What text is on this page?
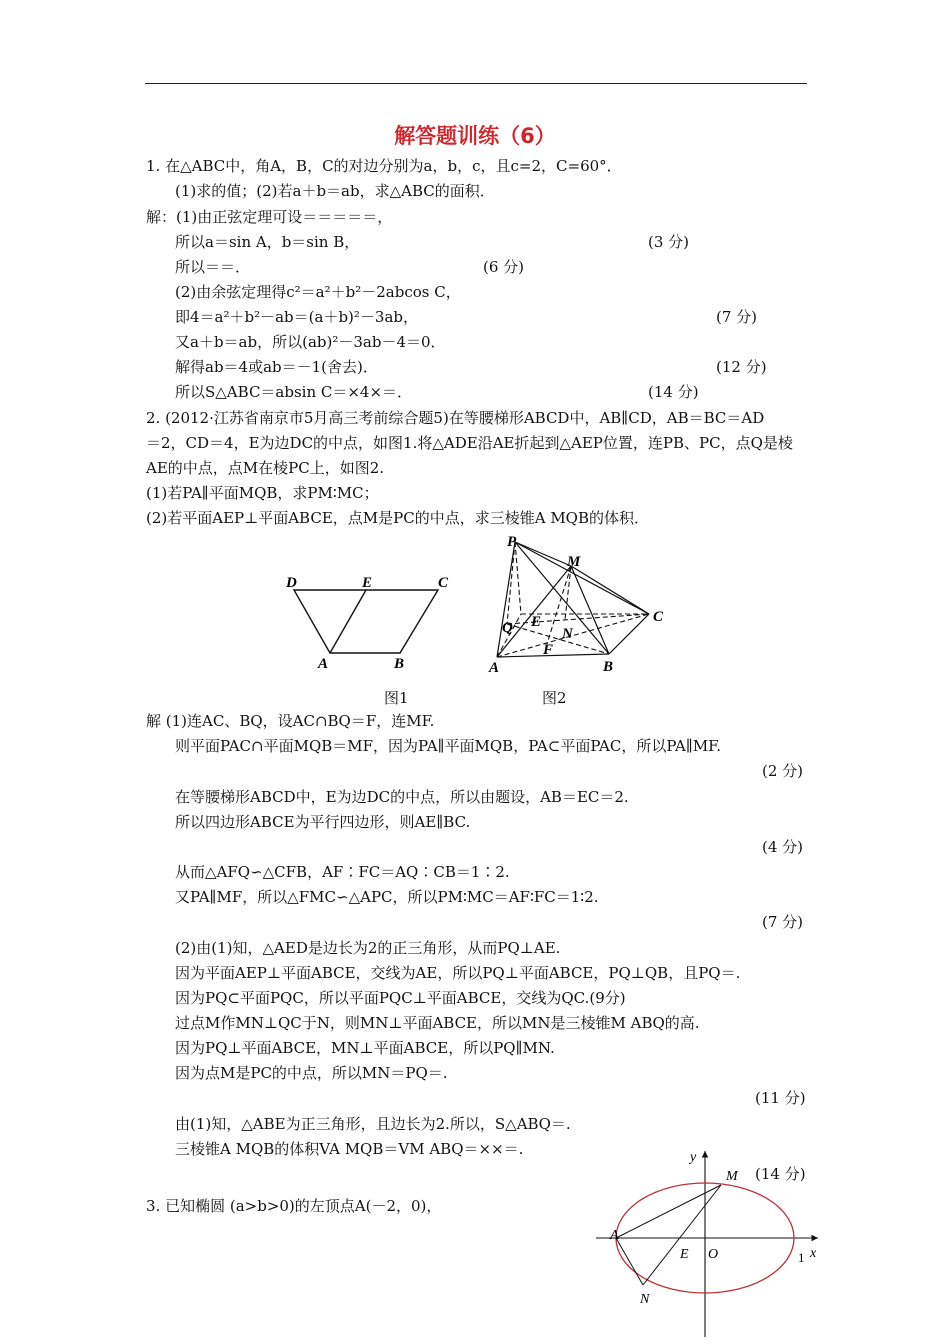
解答题训练（6）
1. 在△ABC中，角A，B，C的对边分别为a，b，c，且c=2，C=60°．
(1)求的值；(2)若a＋b＝ab，求△ABC的面积．
解：(1)由正弦定理可设＝＝＝＝＝，
所以a＝sin A，b＝sin B，	(3 分)
所以＝＝．	(6 分)
(2)由余弦定理得c²＝a²＋b²－2abcos C，
即4＝a²＋b²－ab＝(a＋b)²－3ab，	(7 分)
又a＋b＝ab，所以(ab)²－3ab－4＝0．
解得ab＝4或ab＝－1(舍去)．	(12 分)
所以S△ABC＝absin C＝×4×＝．	(14 分)
2. (2012·江苏省南京市5月高三考前综合题5)在等腰梯形ABCD中，AB∥CD，AB＝BC＝AD
＝2，CD＝4，E为边DC的中点，如图1.将△ADE沿AE折起到△AEP位置，连PB、PC，点Q是棱
AE的中点，点M在棱PC上，如图2.
(1)若PA∥平面MQB，求PM∶MC；
(2)若平面AEP⊥平面ABCE，点M是PC的中点，求三棱锥A MQB的体积．
D	E	C
A	B
图1
P
M
C
Q E
N
F
A	B
图2
解 (1)连AC、BQ，设AC∩BQ＝F，连MF.
则平面PAC∩平面MQB＝MF，因为PA∥平面MQB，PA⊂平面PAC，所以PA∥MF.
(2 分)
在等腰梯形ABCD中，E为边DC的中点，所以由题设，AB＝EC＝2.
所以四边形ABCE为平行四边形，则AE∥BC.
(4 分)
从而△AFQ∽△CFB，AF∶FC＝AQ∶CB＝1∶2.
又PA∥MF，所以△FMC∽△APC，所以PM∶MC＝AF∶FC＝1∶2.
(7 分)
(2)由(1)知，△AED是边长为2的正三角形，从而PQ⊥AE.
因为平面AEP⊥平面ABCE，交线为AE，所以PQ⊥平面ABCE，PQ⊥QB，且PQ＝.
因为PQ⊂平面PQC，所以平面PQC⊥平面ABCE，交线为QC.(9分)
过点M作MN⊥QC于N，则MN⊥平面ABCE，所以MN是三棱锥M ABQ的高.
因为PQ⊥平面ABCE，MN⊥平面ABCE，所以PQ∥MN.
因为点M是PC的中点，所以MN＝PQ＝.
(11 分)
由(1)知，△ABE为正三角形，且边长为2.所以，S△ABQ＝.
三棱锥A MQB的体积VA MQB＝VM ABQ＝××＝.
(14 分)
3. 已知椭圆 (a>b>0)的左顶点A(－2，0)，
y
M
A
E O	1 x
N
